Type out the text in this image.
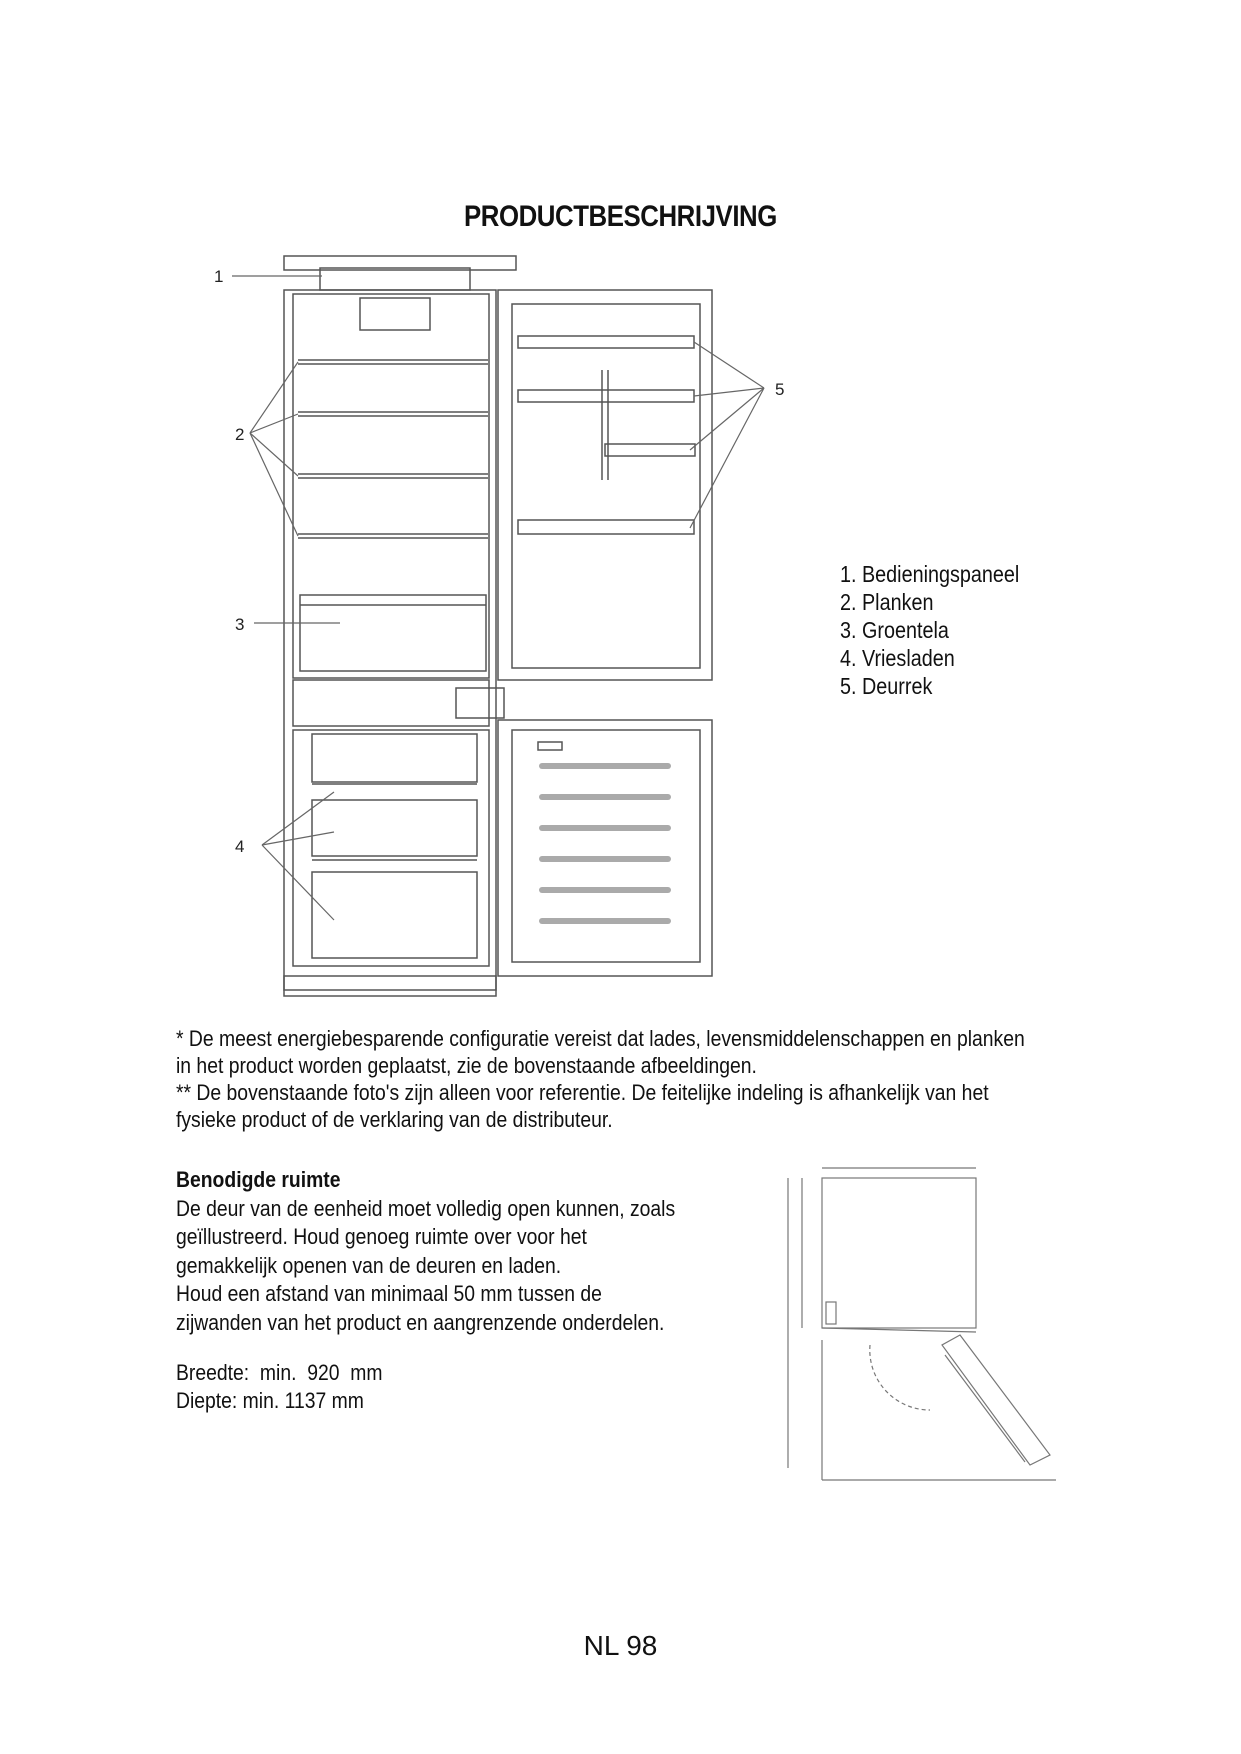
PRODUCTBESCHRIJVING
1
2
3
4
5
1. Bedieningspaneel
2. Planken
3. Groentela
4. Vriesladen
5. Deurrek
* De meest energiebesparende configuratie vereist dat lades, levensmiddelenschappen en planken
in het product worden geplaatst, zie de bovenstaande afbeeldingen.
** De bovenstaande foto's zijn alleen voor referentie. De feitelijke indeling is afhankelijk van het
fysieke product of de verklaring van de distributeur.
Benodigde ruimte
De deur van de eenheid moet volledig open kunnen, zoals
geïllustreerd. Houd genoeg ruimte over voor het
gemakkelijk openen van de deuren en laden.
Houd een afstand van minimaal 50 mm tussen de
zijwanden van het product en aangrenzende onderdelen.
Breedte:  min.  920  mm
Diepte: min. 1137 mm
NL 98
